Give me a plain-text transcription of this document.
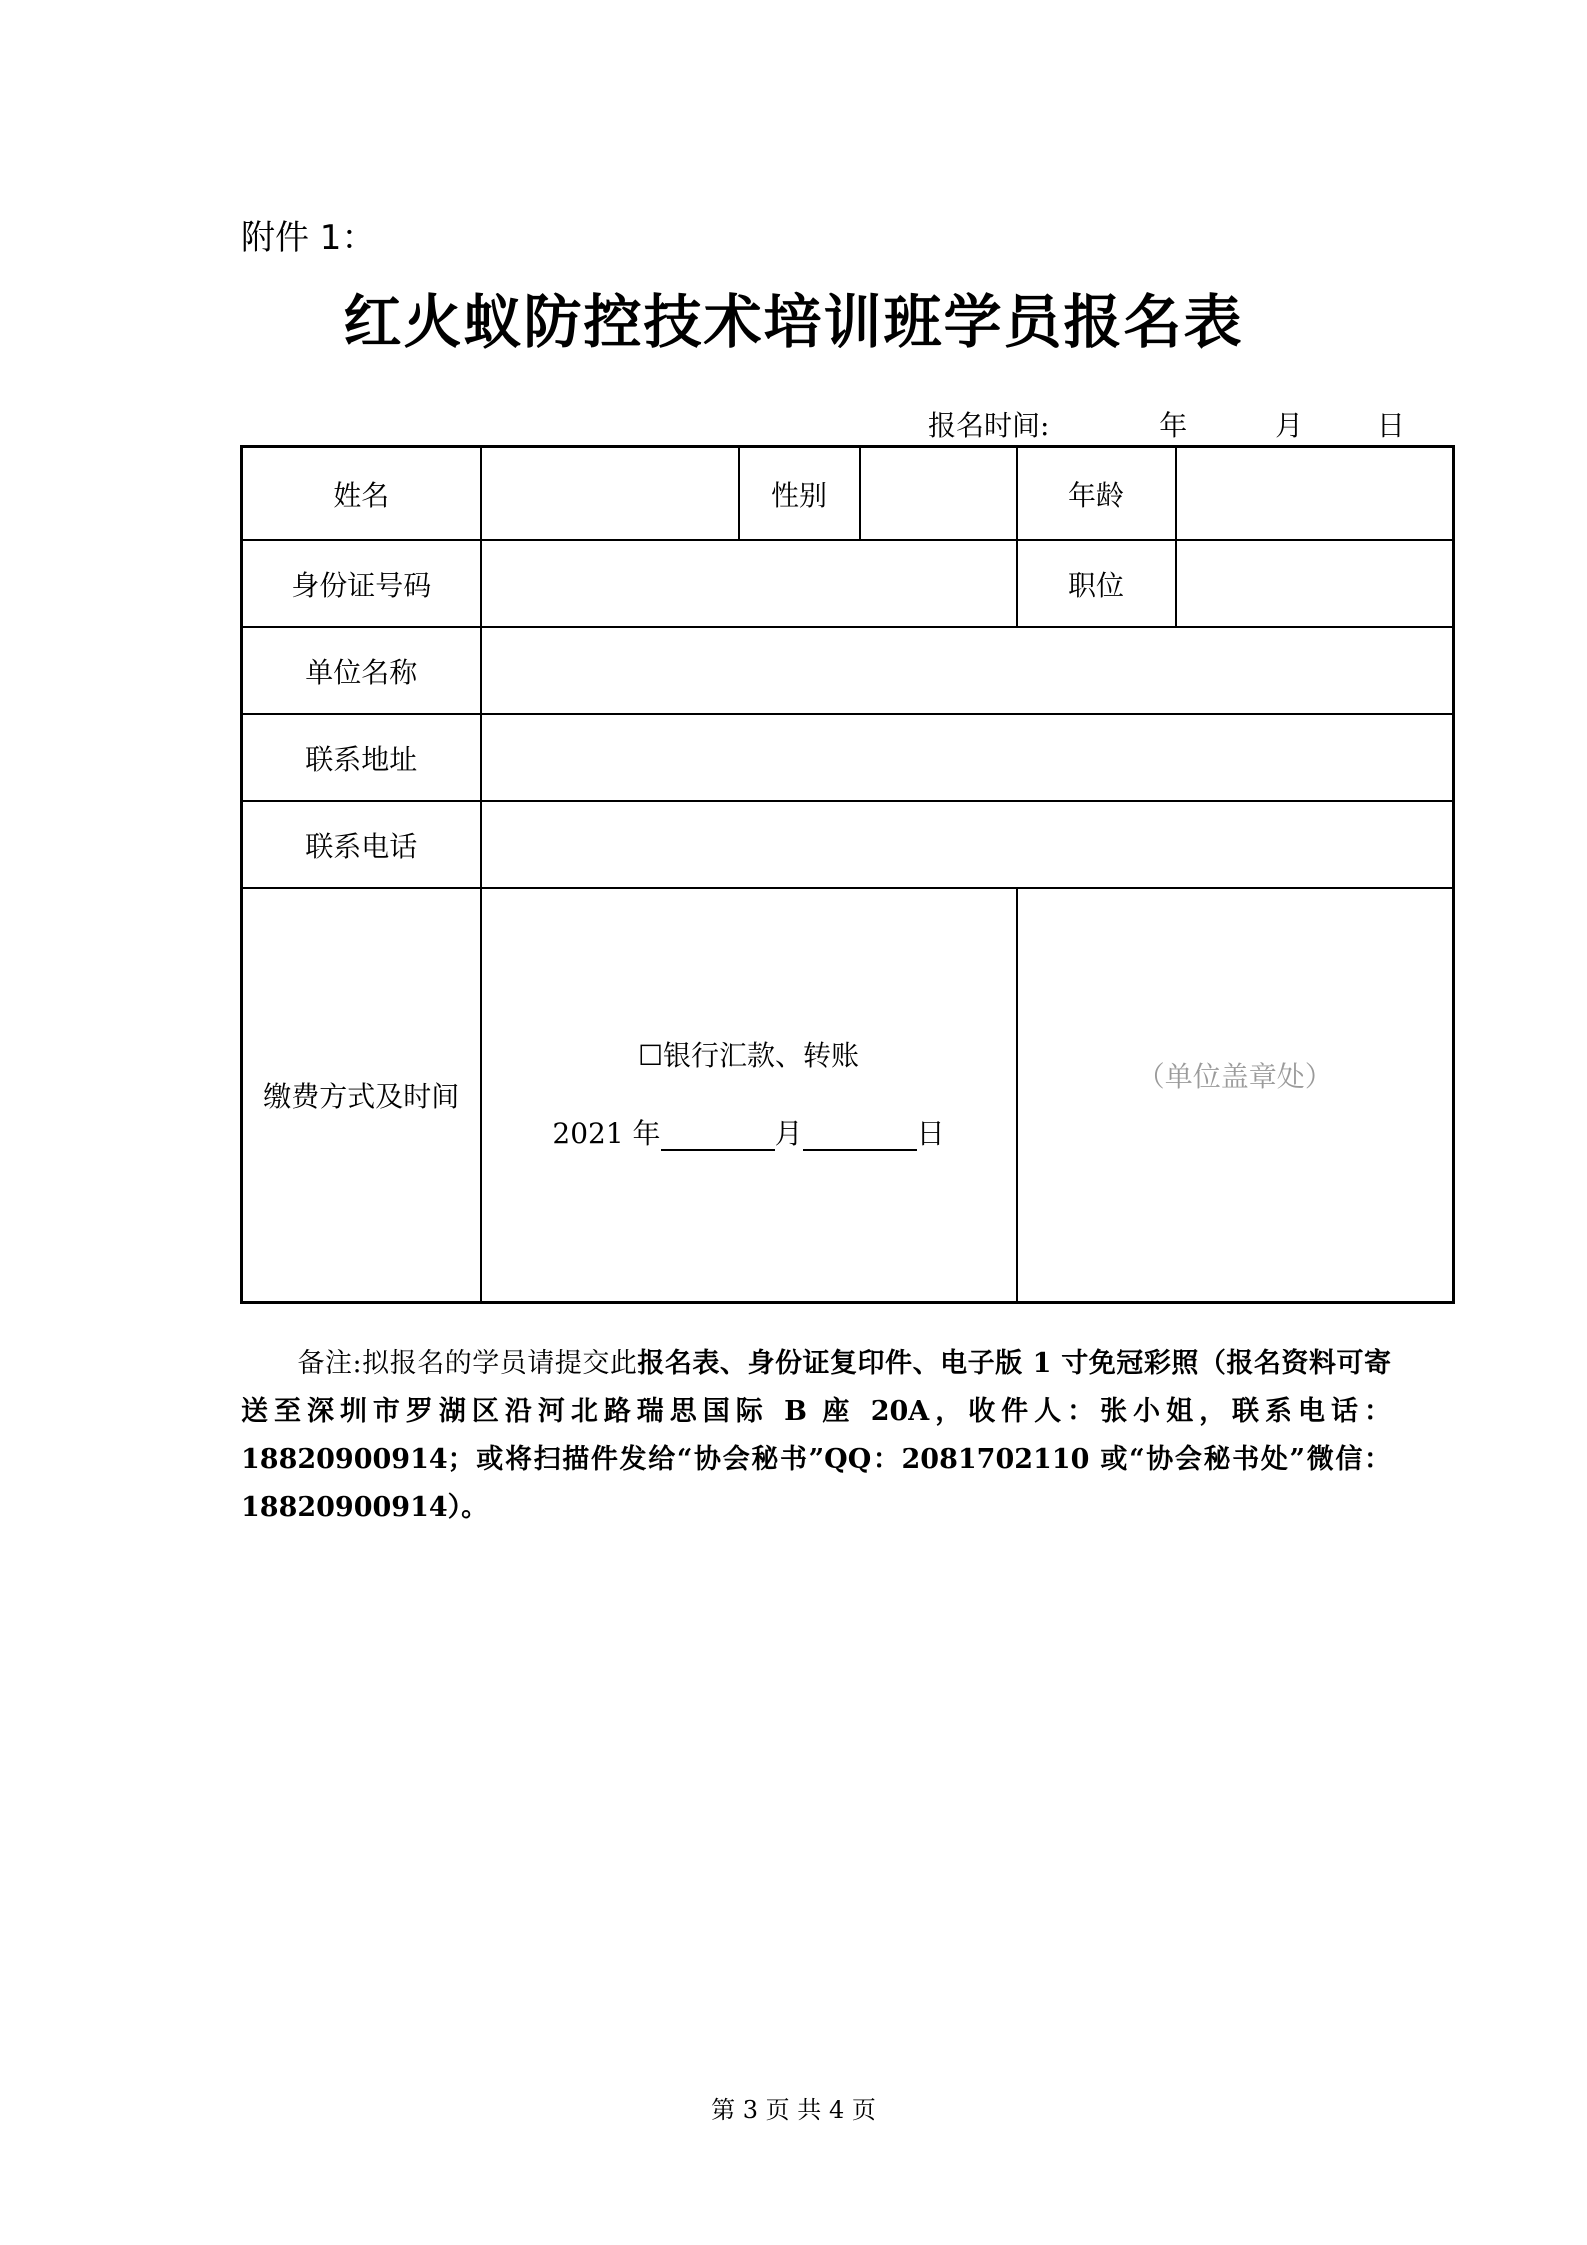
附件 1：
红火蚁防控技术培训班学员报名表
报名时间:	年	月	日
姓名		性别		年龄	
身份证号码				职位	
单位名称					
联系地址					
联系电话					
缴费方式及时间	☐银行汇款、转账
2021 年 月 日			（单位盖章处）	
备注:拟报名的学员请提交此报名表、身份证复印件、电子版 1 寸免冠彩照（报名资料可寄送至深圳市罗湖区沿河北路瑞思国际 B 座 20A，收件人：张小姐，联系电话：18820900914；或将扫描件发给“协会秘书”QQ：2081702110 或“协会秘书处”微信：18820900914）。
第 3 页 共 4 页
